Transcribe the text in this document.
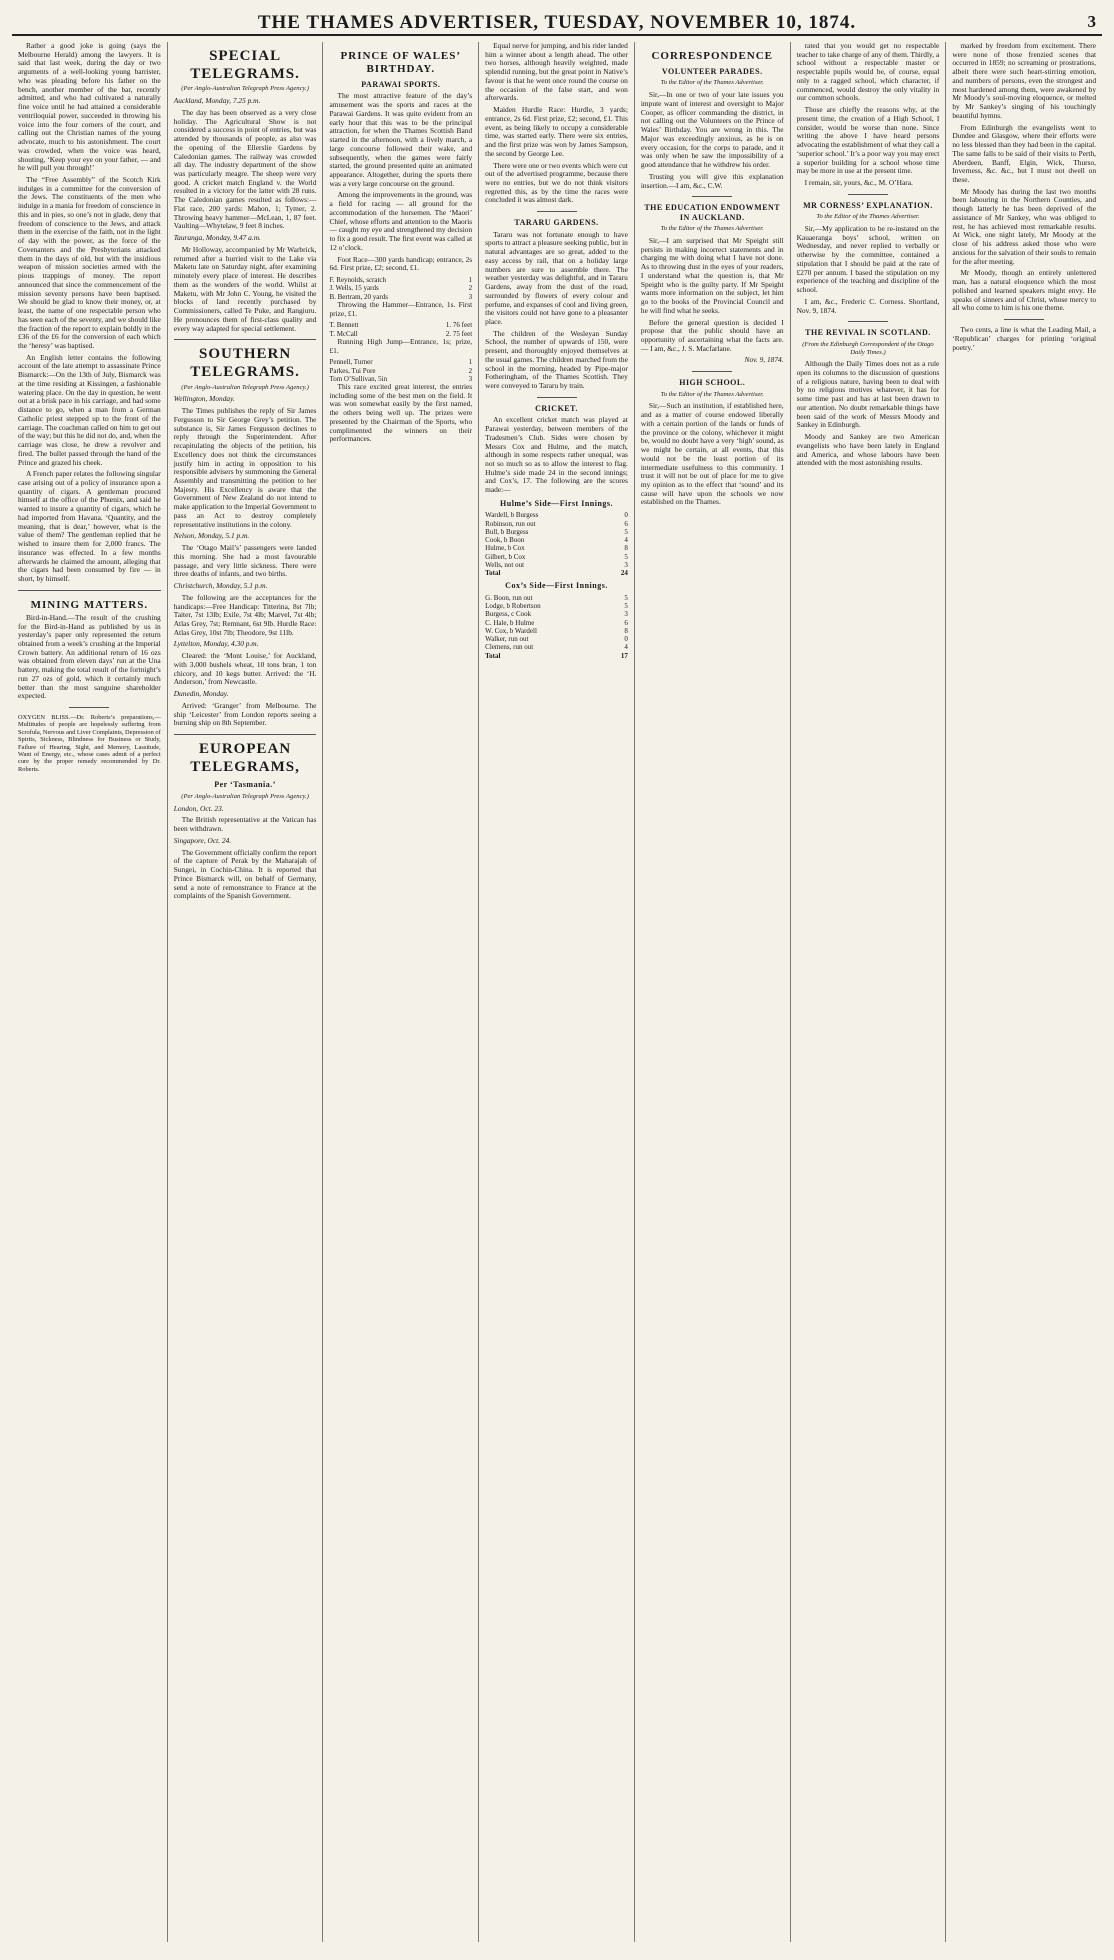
THE THAMES ADVERTISER, TUESDAY, NOVEMBER 10, 1874.	3

Rather a good joke is going (says the Melbourne Herald) among the lawyers. It is said that last week, during the day or two arguments of a well-looking young barrister, who was pleading before his father on the bench, another member of the bar, recently admitted, and who had cultivated a naturally fine voice until he had attained a considerable ventriloquial power, succeeded in throwing his voice into the four corners of the court, and calling out the Christian names of the young advocate, much to his astonishment. The court was crowded, when the voice was heard, shouting, ‘Keep your eye on your father, — and he will pull you through!’

The “Free Assembly” of the Scotch Kirk indulges in a committee for the conversion of the Jews. The constituents of the men who indulge in a mania for freedom of conscience in this and in pies, so one’s not in glade, deny that freedom of conscience to the Jews, and attack them in the exercise of the faith, not in the light of day with the power, as the force of the Covenanters and the Presbyterians attacked them in the days of old, but with the insidious weapon of mission societies armed with the pious trappings of money. The report announced that since the commencement of the mission seventy persons have been baptised. We should be glad to know their money, or, at least, the name of one respectable person who has seen each of the seventy, and we should like the fraction of the report to explain boldly in the £36 of the £6 for the conversion of each which the ‘heresy’ was baptised.

An English letter contains the following account of the late attempt to assassinate Prince Bismarck:—On the 13th of July, Bismarck was at the time residing at Kissingen, a fashionable watering place. On the day in question, he went out at a brisk pace in his carriage, and had some distance to go, when a man from a German Catholic priest stepped up to the front of the carriage. The coachman called on him to get out of the way; but this he did not do, and, when the carriage was close, he drew a revolver and fired. The bullet passed through the hand of the Prince and grazed his cheek.

A French paper relates the following singular case arising out of a policy of insurance upon a quantity of cigars. A gentleman procured himself at the office of the Phœnix, and said he wanted to insure a quantity of cigars, which he had imported from Havana. ‘Quantity, and the meaning, that is dear,’ however, what is the value of them? The gentleman replied that he wished to insure them for 2,000 francs. The insurance was effected. In a few months afterwards he claimed the amount, alleging that the cigars had been consumed by fire — in short, by himself.

MINING MATTERS.

Bird-in-Hand.—The result of the crushing for the Bird-in-Hand as published by us in yesterday’s paper only represented the return obtained from a week’s crushing at the Imperial Crown battery. An additional return of 16 ozs was obtained from eleven days’ run at the Una battery, making the total result of the fortnight’s run 27 ozs of gold, which it certainly much better than the most sanguine shareholder expected.

OXYGEN BLISS.—Dr. Roberts’s preparations,—Multitudes of people are hopelessly suffering from Scrofula, Nervous and Liver Complaints, Depression of Spirits, Sickness, Blindness for Business or Study, Failure of Hearing, Sight, and Memory, Lassitude, Want of Energy, etc., whose cases admit of a perfect cure by the proper remedy recommended by Dr. Roberts.

SPECIAL TELEGRAMS.
(Per Anglo-Australian Telegraph Press Agency.)

Auckland, Monday, 7.25 p.m.

The day has been observed as a very close holiday. The Agricultural Show is not considered a success in point of entries, but was attended by thousands of people, as also was the opening of the Ellerslie Gardens by Caledonian games. The railway was crowded all day. The industry department of the show was particularly meagre. The sheep were very good. A cricket match England v. the World resulted in a victory for the latter with 28 runs. The Caledonian games resulted as follows:—Flat race, 200 yards: Mahon, 1; Tymer, 2. Throwing heavy hammer—McLean, 1, 87 feet. Vaulting—Whytelaw, 9 feet 8 inches.

Tauranga, Monday, 9.47 a.m.

Mr Holloway, accompanied by Mr Warbrick, returned after a hurried visit to the Lake via Maketu late on Saturday night, after examining minutely every place of interest. He describes them as the wonders of the world. Whilst at Maketu, with Mr John C. Young, he visited the blocks of land recently purchased by Commissioners, called Te Puke, and Rangiuru. He pronounces them of first-class quality and every way adapted for special settlement.

SOUTHERN TELEGRAMS.
(Per Anglo-Australian Telegraph Press Agency.)

Wellington, Monday.

The Times publishes the reply of Sir James Fergusson to Sir George Grey’s petition. The substance is, Sir James Fergusson declines to reply through the Superintendent. After recapitulating the objects of the petition, his Excellency does not think the circumstances justify him in acting in opposition to his responsible advisers by summoning the General Assembly and transmitting the petition to her Majesty. His Excellency is aware that the Government of New Zealand do not intend to make application to the Imperial Government to pass an Act to destroy completely representative institutions in the colony.

Nelson, Monday, 5.1 p.m.

The ‘Otago Mail’s’ passengers were landed this morning. She had a most favourable passage, and very little sickness. There were three deaths of infants, and two births.

Christchurch, Monday, 5.1 p.m.

The following are the acceptances for the handicaps:—Free Handicap: Titterina, 8st 7lb; Taiter, 7st 13lb; Exile, 7st 4lb; Marvel, 7st 4lb; Atlas Grey, 7st; Remnant, 6st 9lb. Hurdle Race: Atlas Grey, 10st 7lb; Theodore, 9st 11lb.

Lyttelton, Monday, 4.30 p.m.

Cleared: the ‘Mont Louise,’ for Auckland, with 3,000 bushels wheat, 10 tons bran, 1 ton chicory, and 10 kegs butter. Arrived: the ‘H. Anderson,’ from Newcastle.

Dunedin, Monday.

Arrived: ‘Granger’ from Melbourne. The ship ‘Leicester’ from London reports seeing a burning ship on 8th September.

EUROPEAN TELEGRAMS,
Per ‘Tasmania.’
(Per Anglo-Australian Telegraph Press Agency.)

London, Oct. 23.

The British representative at the Vatican has been withdrawn.

Singapore, Oct. 24.

The Government officially confirm the report of the capture of Perak by the Maharajah of Sungei, in Cochin-China. It is reported that Prince Bismarck will, on behalf of Germany, send a note of remonstrance to France at the complaints of the Spanish Government.

PRINCE OF WALES’ BIRTHDAY.
PARAWAI SPORTS.

The most attractive feature of the day’s amusement was the sports and races at the Parawai Gardens. It was quite evident from an early hour that this was to be the principal attraction, for when the Thames Scottish Band started in the afternoon, with a lively march, a large concourse followed their wake, and subsequently, when the games were fairly started, the ground presented quite an animated appearance. Altogether, during the sports there was a very large concourse on the ground.

Among the improvements in the ground, was a field for racing — all ground for the accommodation of the horsemen. The ‘Maori’ Chief, whose efforts and attention to the Maoris — caught my eye and strengthened my decision to fix a good result. The first event was called at 12 o’clock.

Foot Race—300 yards handicap; entrance, 2s 6d. First prize, £2; second, £1.

F. Reynolds, scratch	1
J. Wells, 15 yards	2
B. Bertram, 20 yards	3

Throwing the Hammer—Entrance, 1s. First prize, £1.

T. Bennett	1. 76 feet
T. McCall	2. 75 feet

Running High Jump—Entrance, 1s; prize, £1.

Pennell, Turner	1
Parkes, Tui Pore	2
Tom O’Sullivan, 5in	3

This race excited great interest, the entries including some of the best men on the field. It was won somewhat easily by the first named, the others being well up. The prizes were presented by the Chairman of the Sports, who complimented the winners on their performances.

Equal nerve for jumping, and his rider landed him a winner about a length ahead. The other two horses, although heavily weighted, made splendid running, but the great point in Native’s favour is that he went once round the course on the occasion of the false start, and won afterwards.

Maiden Hurdle Race: Hurdle, 3 yards; entrance, 2s 6d. First prize, £2; second, £1. This event, as being likely to occupy a considerable time, was started early. There were six entries, and the first prize was won by James Sampson, the second by George Lee.

There were one or two events which were cut out of the advertised programme, because there were no entries, but we do not think visitors regretted this, as by the time the races were concluded it was almost dark.

TARARU GARDENS.

Tararu was not fortunate enough to have sports to attract a pleasure seeking public, but in natural advantages are so great, added to the easy access by rail, that on a holiday large numbers are sure to assemble there. The weather yesterday was delightful, and in Tararu Gardens, away from the dust of the road, surrounded by flowers of every colour and perfume, and expanses of cool and living green, the visitors could not have gone to a pleasanter place.

The children of the Wesleyan Sunday School, the number of upwards of 150, were present, and thoroughly enjoyed themselves at the usual games. The children marched from the school in the morning, headed by Pipe-major Fotheringham, of the Thames Scottish. They were conveyed to Tararu by train.

CRICKET.

An excellent cricket match was played at Parawai yesterday, between members of the Tradesmen’s Club. Sides were chosen by Messrs Cox and Hulme, and the match, although in some respects rather unequal, was not so much so as to allow the interest to flag. Hulme’s side made 24 in the second innings; and Cox’s, 17. The following are the scores made:—

Hulme’s Side—First Innings.
Wardell, b Burgess	0
Robinson, run out	6
Bull, b Burgess	5
Cook, b Boon	4
Hulme, b Cox	8
Gilbert, b Cox	5
Wells, not out	3
Total	24
Cox’s Side—First Innings.
G. Boon, run out	5
Lodge, b Robertson	5
Burgess, c Cook	3
C. Hale, b Hulme	6
W. Cox, b Wardell	8
Walker, run out	0
Clemens, run out	4
Total	17
CORRESPONDENCE
VOLUNTEER PARADES.
To the Editor of the Thames Advertiser.

Sir,—In one or two of your late issues you impute want of interest and oversight to Major Cooper, as officer commanding the district, in not calling out the Volunteers on the Prince of Wales’ Birthday. You are wrong in this. The Major was exceedingly anxious, as he is on every occasion, for the corps to parade, and it was only when he saw the impossibility of a good attendance that he withdrew his order.

Trusting you will give this explanation insertion.—I am, &c., C.W.

THE EDUCATION ENDOWMENT IN AUCKLAND.
To the Editor of the Thames Advertiser.

Sir,—I am surprised that Mr Speight still persists in making incorrect statements and in charging me with doing what I have not done. As to throwing dust in the eyes of your readers, I understand what the question is, that Mr Speight who is the guilty party. If Mr Speight wants more information on the subject, let him go to the books of the Provincial Council and he will find what he seeks.

Before the general question is decided I propose that the public should have an opportunity of ascertaining what the facts are. — I am, &c., J. S. Macfarlane.

Nov. 9, 1874.
HIGH SCHOOL.
To the Editor of the Thames Advertiser.

Sir,—Such an institution, if established here, and as a matter of course endowed liberally with a certain portion of the lands or funds of the province or the colony, whichever it might be, would no doubt have a very ‘high’ sound, as we might be certain, at all events, that this would not be the least portion of its intermediate usefulness to this community. I trust it will not be out of place for me to give my opinion as to the effect that ‘sound’ and its cause will have upon the schools we now established on the Thames.

rated that you would get no respectable teacher to take charge of any of them. Thirdly, a school without a respectable master or respectable pupils would be, of course, equal only to a ragged school, which character, if commenced, would destroy the only vitality in our common schools.

Those are chiefly the reasons why, at the present time, the creation of a High School, I consider, would be worse than none. Since writing the above I have heard persons advocating the establishment of what they call a ‘superior school.’ It’s a poor way you may erect a superior building for a school whose time may be more in use at the present time.

I remain, sir, yours, &c., M. O’Hara.

MR CORNESS’ EXPLANATION.
To the Editor of the Thames Advertiser.

Sir,—My application to be re-instated on the Kauaeranga boys’ school, written on Wednesday, and never replied to verbally or otherwise by the committee, contained a stipulation that I should be paid at the rate of £270 per annum. I based the stipulation on my experience of the teaching and discipline of the school.

I am, &c., Frederic C. Corness. Shortland, Nov. 9, 1874.

THE REVIVAL IN SCOTLAND.
(From the Edinburgh Correspondent of the Otago Daily Times.)

Although the Daily Times does not as a rule open its columns to the discussion of questions of a religious nature, having been to deal with by no religious motives whatever, it has for some time past and has at last been drawn to our attention. No doubt remarkable things have been said of the work of Messrs Moody and Sankey in Edinburgh.

Moody and Sankey are two American evangelists who have been lately in England and America, and whose labours have been attended with the most astonishing results.

marked by freedom from excitement. There were none of those frenzied scenes that occurred in 1859; no screaming or prostrations, albeit there were such heart-stirring emotion, and numbers of persons, even the strongest and most hardened among them, were awakened by Mr Moody’s soul-moving eloquence, or melted by Mr Sankey’s singing of his touchingly beautiful hymns.

From Edinburgh the evangelists went to Dundee and Glasgow, where their efforts were no less blessed than they had been in the capital. The same falls to be said of their visits to Perth, Aberdeen, Banff, Elgin, Wick, Thurso, Inverness, &c. &c., but I must not dwell on these.

Mr Moody has during the last two months been labouring in the Northern Counties, and though latterly he has been deprived of the assistance of Mr Sankey, who was obliged to rest, he has achieved most remarkable results. At Wick, one night lately, Mr Moody at the close of his address asked those who were anxious for the salvation of their souls to remain for the after meeting.

Mr Moody, though an entirely unlettered man, has a natural eloquence which the most polished and learned speakers might envy. He speaks of sinners and of Christ, whose mercy to all who come to him is his one theme.

Two cents, a line is what the Leading Mail, a ‘Republican’ charges for printing ‘original poetry.’
